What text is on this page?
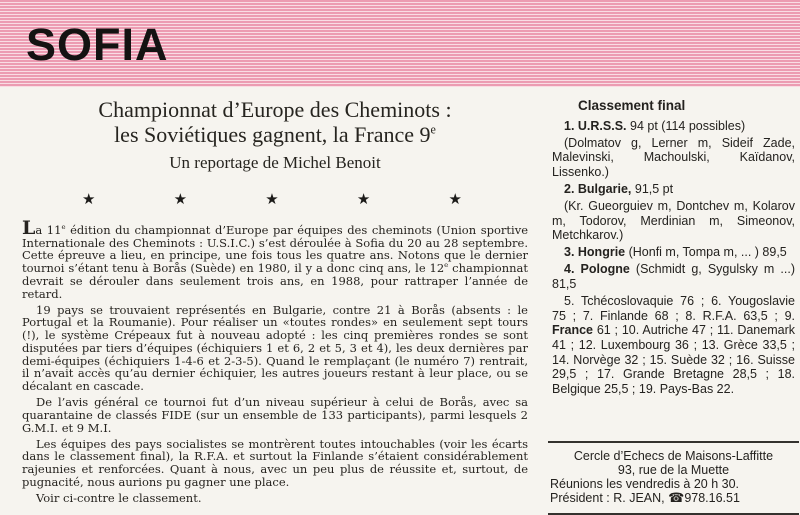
SOFIA
Championnat d’Europe des Cheminots :
les Soviétiques gagnent, la France 9e
Un reportage de Michel Benoit
★	★	★	★	★

La 11e édition du championnat d’Europe par équipes des cheminots (Union sportive Internationale des Cheminots : U.S.I.C.) s’est déroulée à Sofia du 20 au 28 septembre. Cette épreuve a lieu, en principe, une fois tous les quatre ans. Notons que le dernier tournoi s’étant tenu à Borås (Suède) en 1980, il y a donc cinq ans, le 12e championnat devrait se dérouler dans seulement trois ans, en 1988, pour rattraper l’année de retard.

19 pays se trouvaient représentés en Bulgarie, contre 21 à Borås (absents : le Portugal et la Roumanie). Pour réaliser un «toutes rondes» en seulement sept tours (!), le système Crépeaux fut à nouveau adopté : les cinq premières rondes se sont disputées par tiers d’équipes (échiquiers 1 et 6, 2 et 5, 3 et 4), les deux dernières par demi-équipes (échiquiers 1-4-6 et 2-3-5). Quand le remplaçant (le numéro 7) rentrait, il n’avait accès qu’au dernier échiquier, les autres joueurs restant à leur place, ou se décalant en cascade.

De l’avis général ce tournoi fut d’un niveau supérieur à celui de Borås, avec sa quarantaine de classés FIDE (sur un ensemble de 133 participants), parmi lesquels 2 G.M.I. et 9 M.I.

Les équipes des pays socialistes se montrèrent toutes intouchables (voir les écarts dans le classement final), la R.F.A. et surtout la Finlande s’étaient considérablement rajeunies et renforcées. Quant à nous, avec un peu plus de réussite et, surtout, de pugnacité, nous aurions pu gagner une place.

Voir ci-contre le classement.

Classement final

1. U.R.S.S. 94 pt (114 possibles)

(Dolmatov g, Lerner m, Sideif Zade, Malevinski, Machoulski, Kaïdanov, Lissenko.)

2. Bulgarie, 91,5 pt

(Kr. Gueorguiev m, Dontchev m, Kolarov m, Todorov, Merdinian m, Simeonov, Metchkarov.)

3. Hongrie (Honfi m, Tompa m, ... ) 89,5

4. Pologne (Schmidt g, Sygulsky m ...) 81,5

5. Tchécoslovaquie 76 ; 6. Yougoslavie 75 ; 7. Finlande 68 ; 8. R.F.A. 63,5 ; 9. France 61 ; 10. Autriche 47 ; 11. Danemark 41 ; 12. Luxembourg 36 ; 13. Grèce 33,5 ; 14. Norvège 32 ; 15. Suède 32 ; 16. Suisse 29,5 ; 17. Grande Bretagne 28,5 ; 18. Belgique 25,5 ; 19. Pays-Bas 22.

Cercle d’Echecs de Maisons-Laffitte
93, rue de la Muette
Réunions les vendredis à 20 h 30.
Président : R. JEAN, ☎978.16.51
